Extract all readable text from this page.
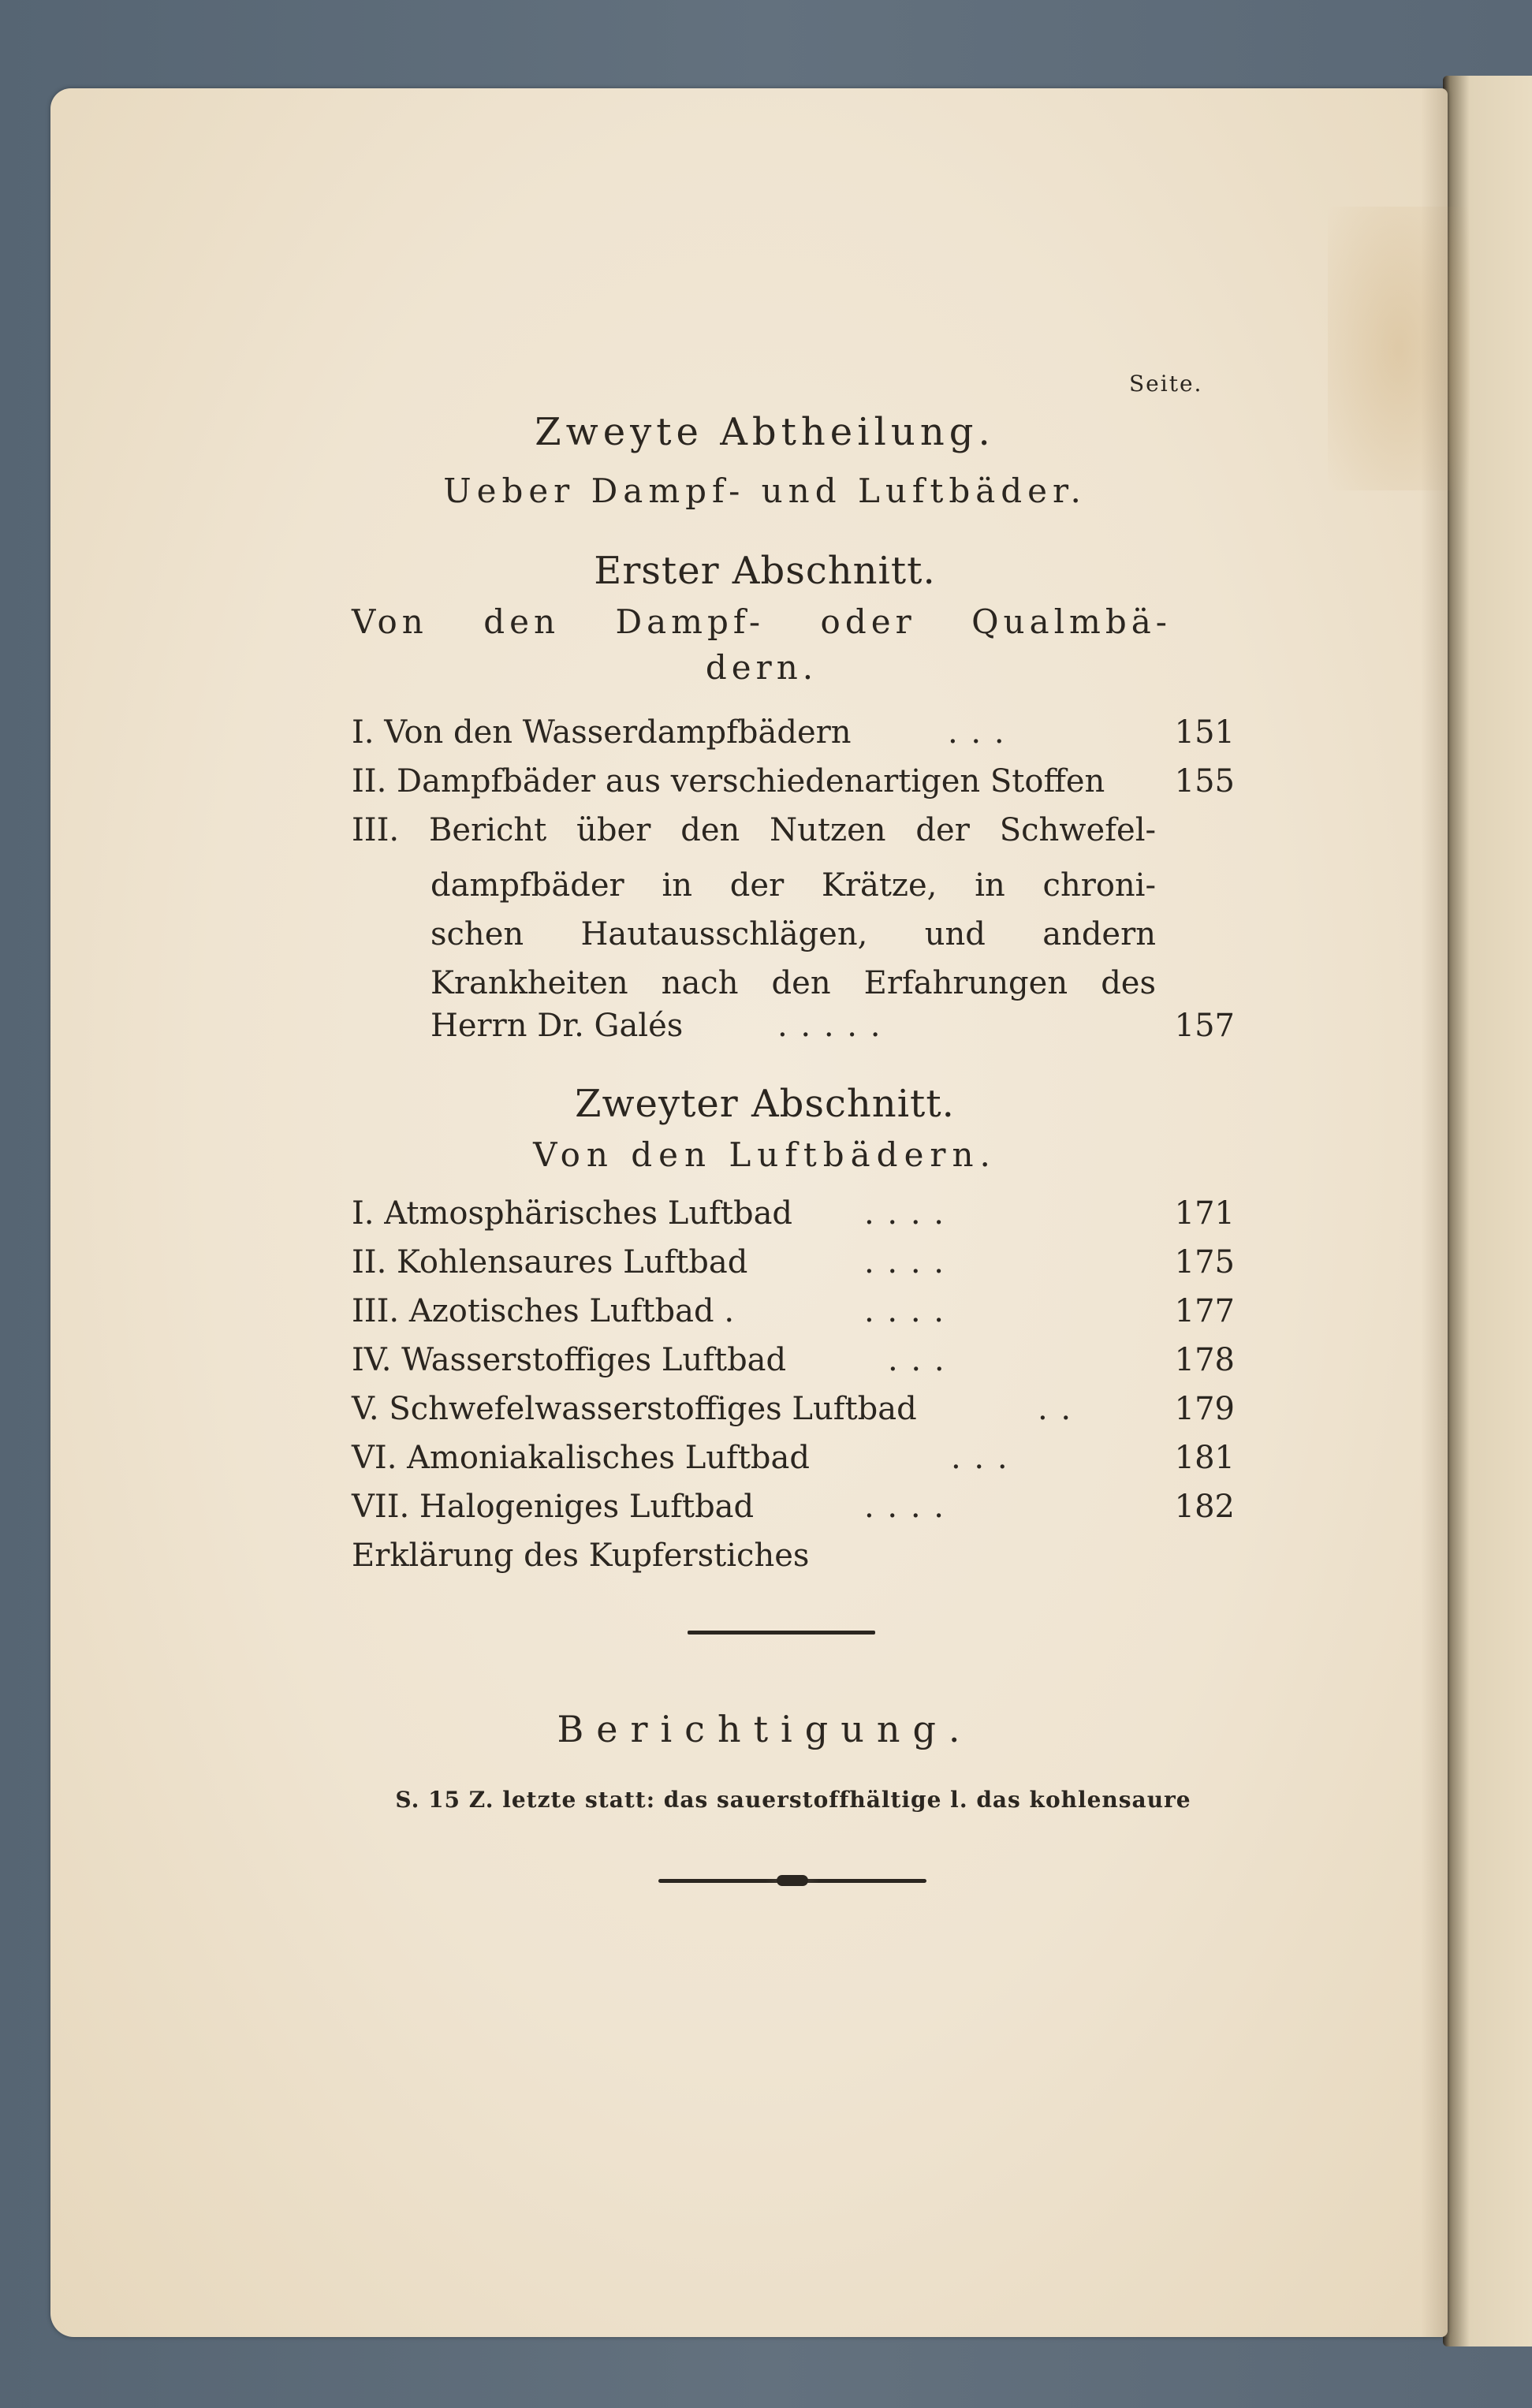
Seite.
Zweyte Abtheilung.
Ueber Dampf- und Luftbäder.
Erster Abschnitt.
Von den Dampf- oder Qualmbä-
dern.
I. Von den Wasserdampfbädern	. . .	151
II. Dampfbäder aus verschiedenartigen Stoffen 155
III. Bericht über den Nutzen der Schwefel-
dampfbäder in der Krätze, in chroni-
schen Hautausschlägen, und andern
Krankheiten nach den Erfahrungen des
Herrn Dr. Galés	. . . . .	157
Zweyter Abschnitt.
Von den Luftbädern.
I. Atmosphärisches Luftbad . . . .	171
II. Kohlensaures Luftbad	. . . .	175
III. Azotisches Luftbad .	. . . .	177
IV. Wasserstoffiges Luftbad	. . .	178
V. Schwefelwasserstoffiges Luftbad	. .	179
VI. Amoniakalisches Luftbad	. . .	181
VII. Halogeniges Luftbad	. . . .	182
Erklärung des Kupferstiches
Berichtigung.
S. 15 Z. letzte statt: das sauerstoffhältige l. das kohlensaure
